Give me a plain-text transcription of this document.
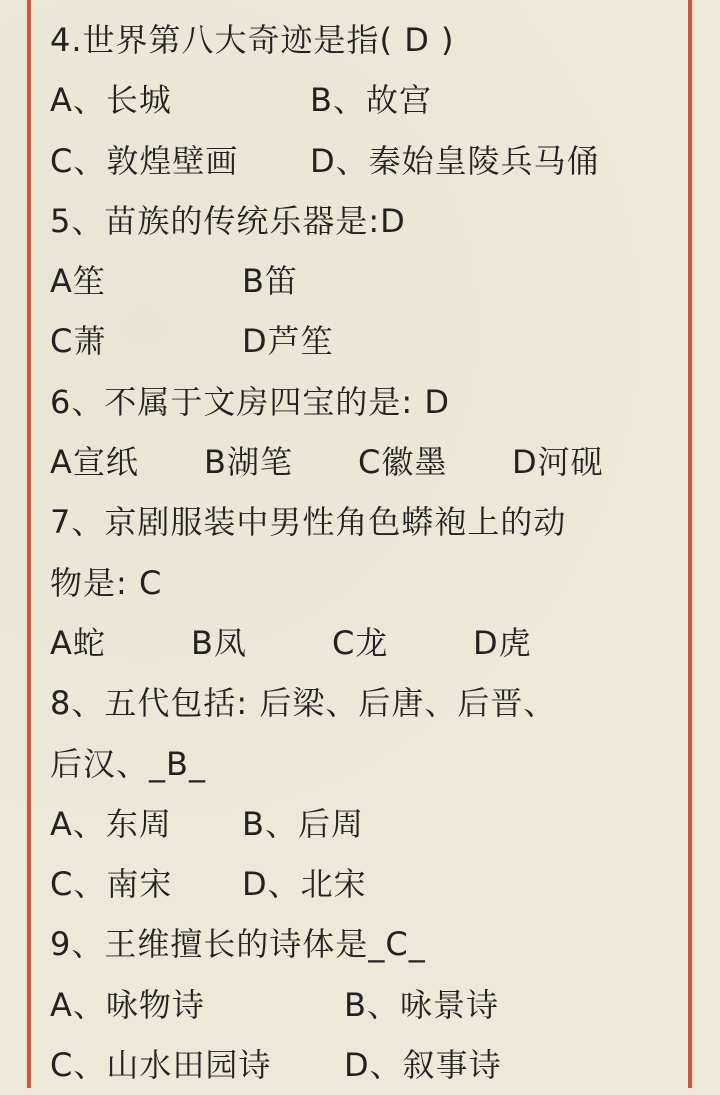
4.世界第八大奇迹是指( D )
A、长城	B、故宫
C、敦煌壁画 D、秦始皇陵兵马俑
5、苗族的传统乐器是:D
A笙	B笛
C萧	D芦笙
6、不属于文房四宝的是: D
A宣纸 B湖笔 C徽墨 D河砚
7、京剧服装中男性角色蟒袍上的动
物是: C
A蛇	B凤	C龙	D虎
8、五代包括: 后梁、后唐、后晋、
后汉、_B_
A、东周 B、后周
C、南宋 D、北宋
9、王维擅长的诗体是_C_
A、咏物诗	B、咏景诗
C、山水田园诗 D、叙事诗
